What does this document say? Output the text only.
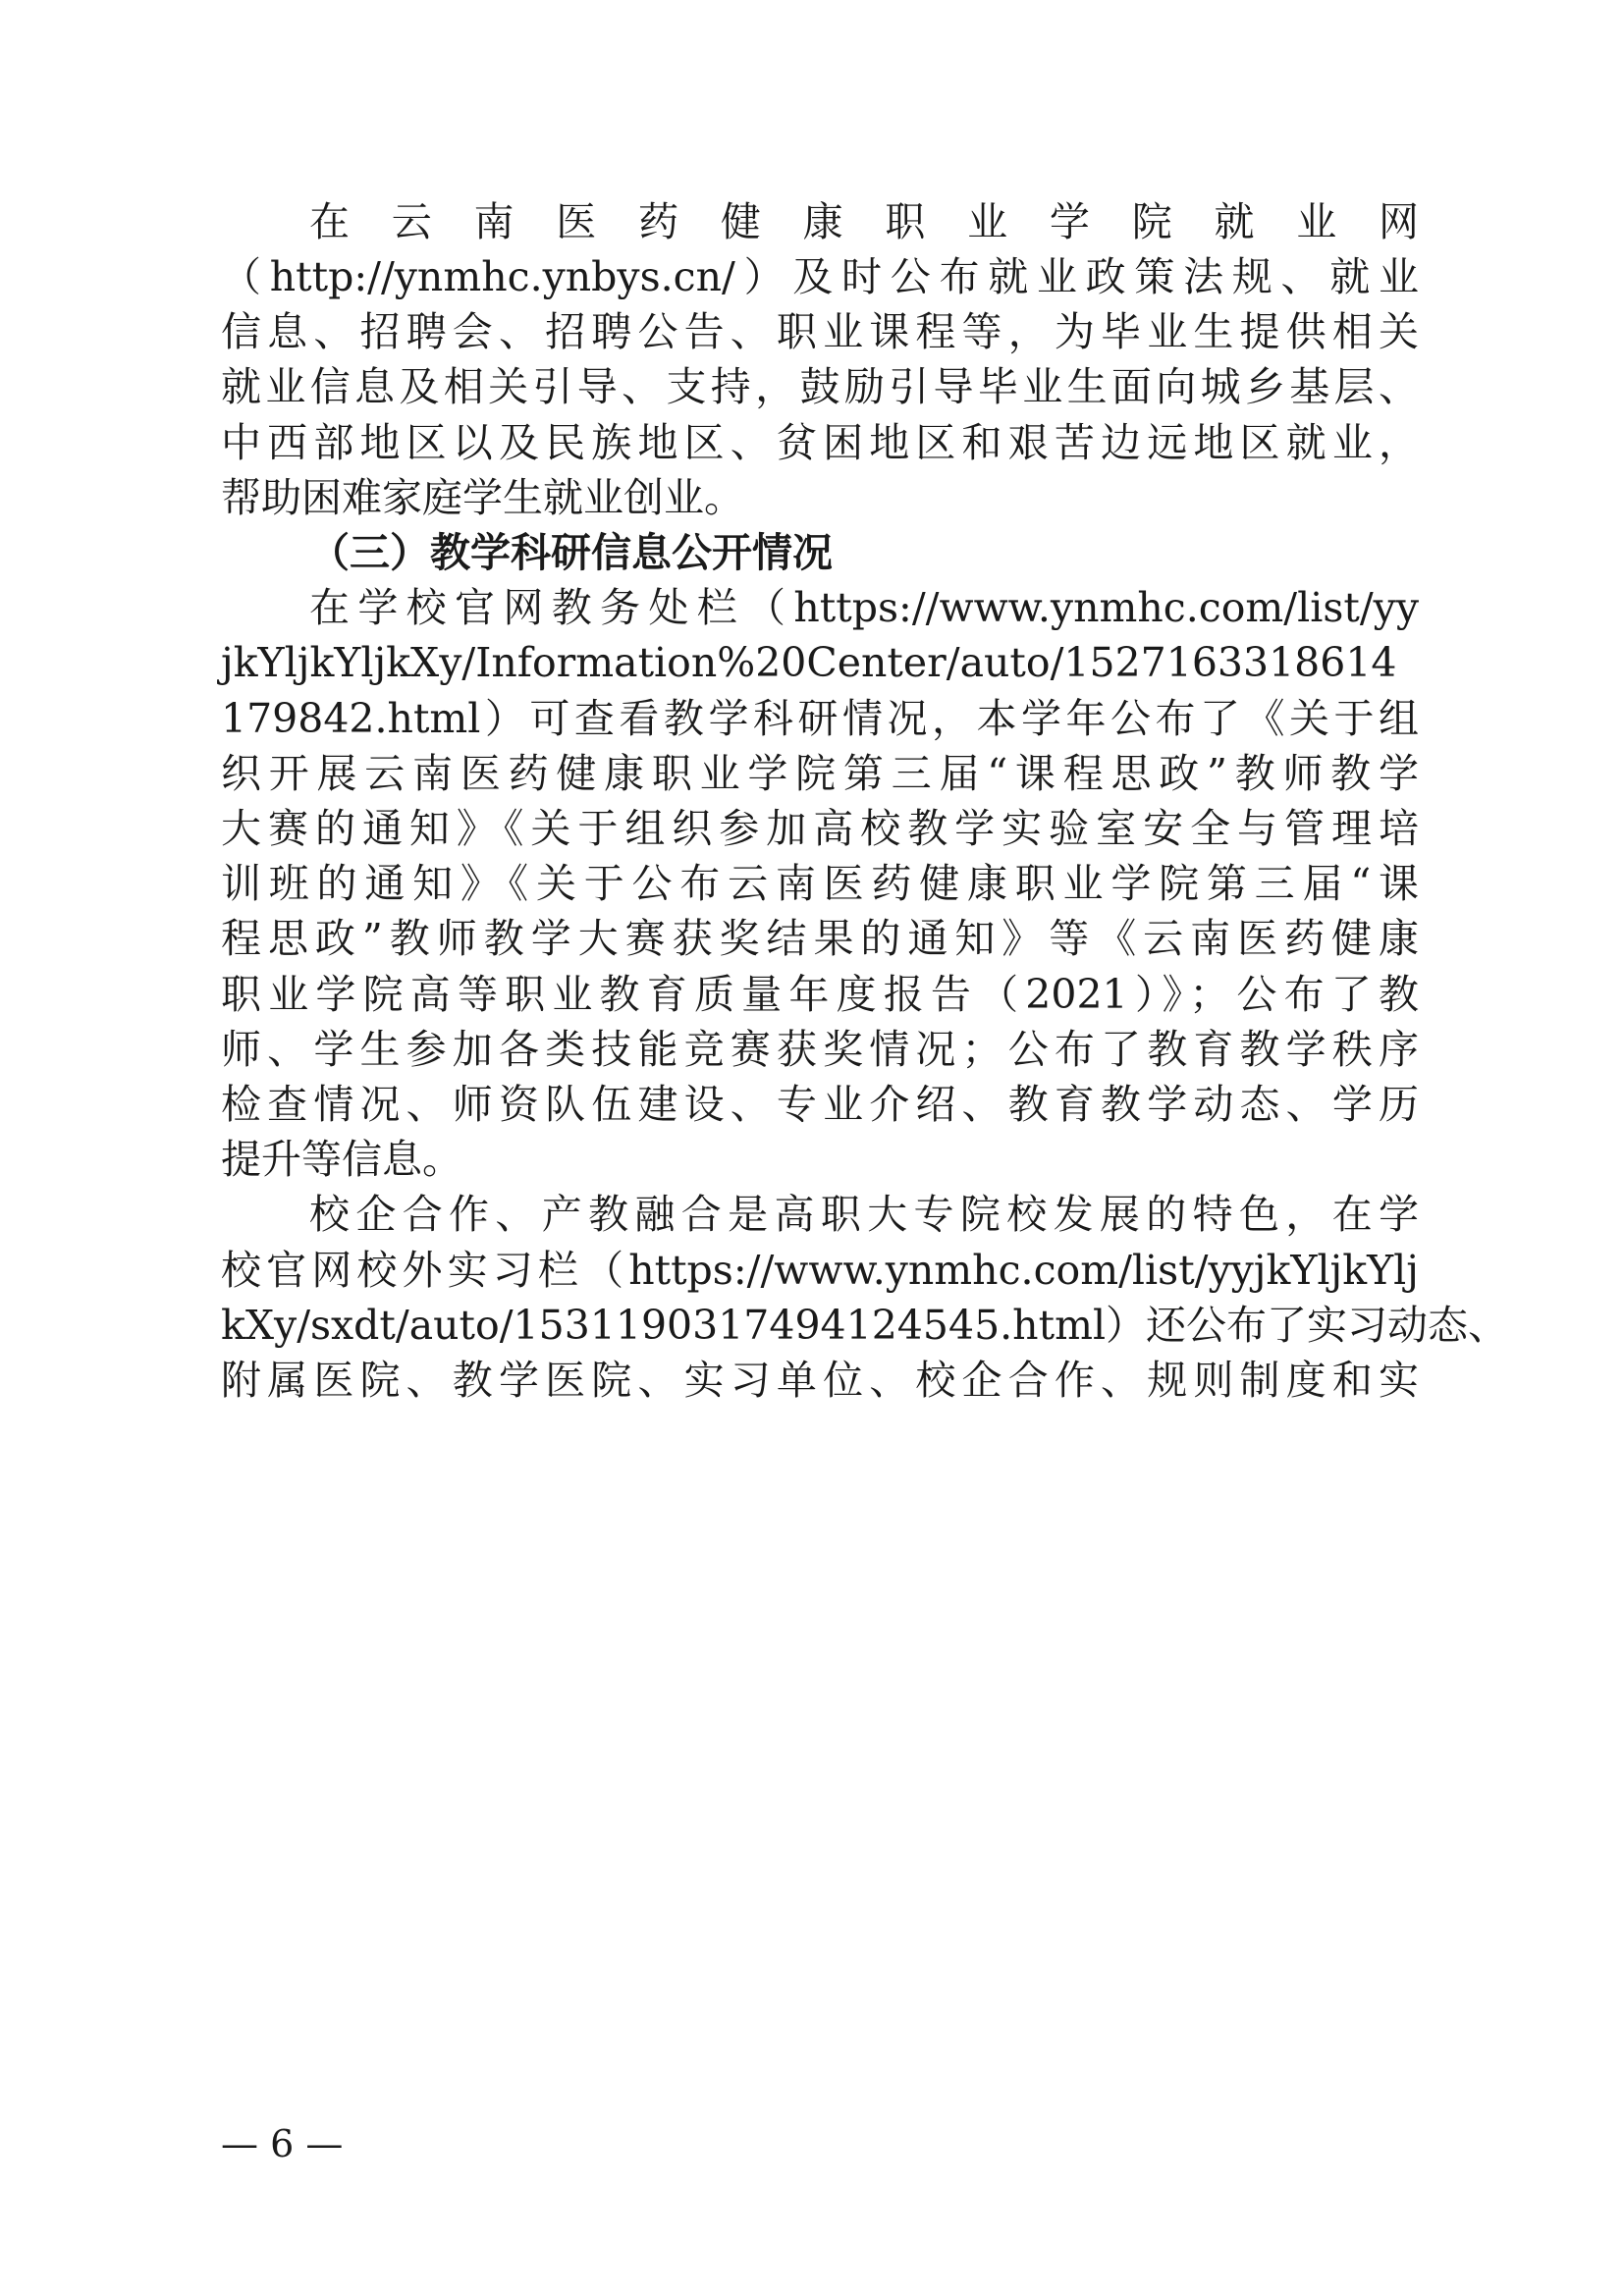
在云南医药健康职业学院就业网
（http://ynmhc.ynbys.cn/）及时公布就业政策法规、就业
信息、招聘会、招聘公告、职业课程等，为毕业生提供相关
就业信息及相关引导、支持，鼓励引导毕业生面向城乡基层、
中西部地区以及民族地区、贫困地区和艰苦边远地区就业，
帮助困难家庭学生就业创业。
（三）教学科研信息公开情况
在学校官网教务处栏（https://www.ynmhc.com/list/yy
jkYljkYljkXy/Information%20Center/auto/1527163318614
179842.html）可查看教学科研情况，本学年公布了《关于组
织开展云南医药健康职业学院第三届“课程思政”教师教学
大赛的通知》《关于组织参加高校教学实验室安全与管理培
训班的通知》《关于公布云南医药健康职业学院第三届“课
程思政”教师教学大赛获奖结果的通知》等《云南医药健康
职业学院高等职业教育质量年度报告（2021）》；公布了教
师、学生参加各类技能竞赛获奖情况；公布了教育教学秩序
检查情况、师资队伍建设、专业介绍、教育教学动态、学历
提升等信息。
校企合作、产教融合是高职大专院校发展的特色，在学
校官网校外实习栏（https://www.ynmhc.com/list/yyjkYljkYlj
kXy/sxdt/auto/1531190317494124545.html）还公布了实习动态、
附属医院、教学医院、实习单位、校企合作、规则制度和实
— 6 —
